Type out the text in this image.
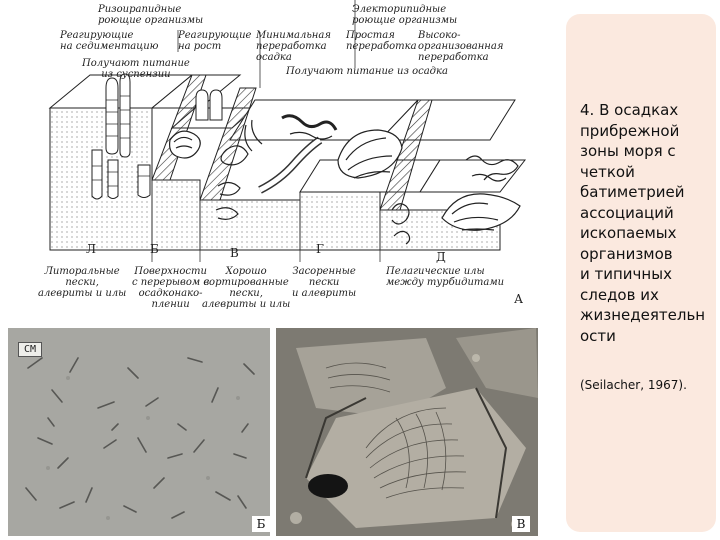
Ризоирапидные
роющие организмы
Электорипидные
роющие организмы
Реагирующие
на седиментацию
Реагирующие
на рост
Минимальная
переработка
осадка
Простая
переработка
Высоко-
организованная
переработка
Получают питание
из суспензии	Получают питание из осадка
Л	Б	В	Г
Д
Литоральные
пески,
алевриты и илы
Поверхности
с перерывом в
осадконако-
плении
Хорошо
сортированные
пески,
алевриты и илы
Засоренные
пески
и алевриты
Пелагические илы
между турбидитами
А
СМ
Б	В
4. В осадках
прибрежной
зоны моря с
четкой
батиметрией
ассоциаций
ископаемых
организмов
и типичных
следов их
жизнедеятельн
ости
(Seilacher, 1967).
